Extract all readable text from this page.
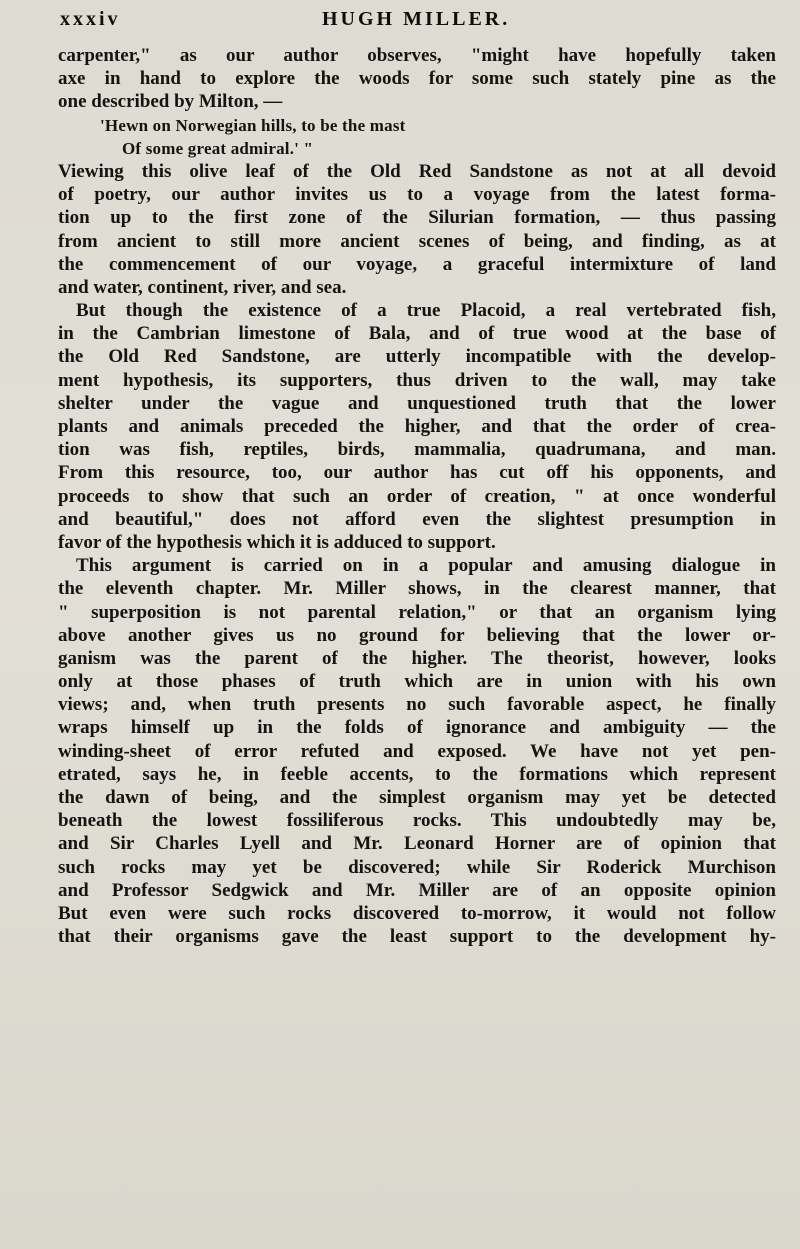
xxxiv	HUGH MILLER.
carpenter," as our author observes, "might have hopefully taken
axe in hand to explore the woods for some such stately pine as the
one described by Milton, —
'Hewn on Norwegian hills, to be the mast
Of some great admiral.' "
Viewing this olive leaf of the Old Red Sandstone as not at all devoid
of poetry, our author invites us to a voyage from the latest forma-
tion up to the first zone of the Silurian formation, — thus passing
from ancient to still more ancient scenes of being, and finding, as at
the commencement of our voyage, a graceful intermixture of land
and water, continent, river, and sea.
But though the existence of a true Placoid, a real vertebrated fish,
in the Cambrian limestone of Bala, and of true wood at the base of
the Old Red Sandstone, are utterly incompatible with the develop-
ment hypothesis, its supporters, thus driven to the wall, may take
shelter under the vague and unquestioned truth that the lower
plants and animals preceded the higher, and that the order of crea-
tion was fish, reptiles, birds, mammalia, quadrumana, and man.
From this resource, too, our author has cut off his opponents, and
proceeds to show that such an order of creation, " at once wonderful
and beautiful," does not afford even the slightest presumption in
favor of the hypothesis which it is adduced to support.
This argument is carried on in a popular and amusing dialogue in
the eleventh chapter. Mr. Miller shows, in the clearest manner, that
" superposition is not parental relation," or that an organism lying
above another gives us no ground for believing that the lower or-
ganism was the parent of the higher. The theorist, however, looks
only at those phases of truth which are in union with his own
views; and, when truth presents no such favorable aspect, he finally
wraps himself up in the folds of ignorance and ambiguity — the
winding-sheet of error refuted and exposed. We have not yet pen-
etrated, says he, in feeble accents, to the formations which represent
the dawn of being, and the simplest organism may yet be detected
beneath the lowest fossiliferous rocks. This undoubtedly may be,
and Sir Charles Lyell and Mr. Leonard Horner are of opinion that
such rocks may yet be discovered; while Sir Roderick Murchison
and Professor Sedgwick and Mr. Miller are of an opposite opinion
But even were such rocks discovered to-morrow, it would not follow
that their organisms gave the least support to the development hy-
